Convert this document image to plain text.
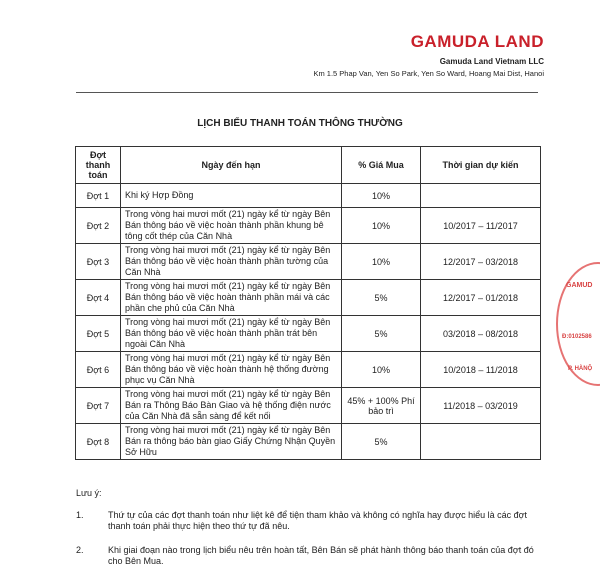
GAMUDA LAND
Gamuda Land Vietnam LLC
Km 1.5 Phap Van, Yen So Park, Yen So Ward, Hoang Mai Dist, Hanoi
LỊCH BIỂU THANH TOÁN THÔNG THƯỜNG
Đợt thanh toán	Ngày đến hạn	% Giá Mua	Thời gian dự kiến
Đợt 1	Khi ký Hợp Đồng	10%	
Đợt 2	Trong vòng hai mươi mốt (21) ngày kể từ ngày Bên Bán thông báo về việc hoàn thành phần khung bê tông cốt thép của Căn Nhà	10%	10/2017 – 11/2017
Đợt 3	Trong vòng hai mươi mốt (21) ngày kể từ ngày Bên Bán thông báo về việc hoàn thành phần tường của Căn Nhà	10%	12/2017 – 03/2018
Đợt 4	Trong vòng hai mươi mốt (21) ngày kể từ ngày Bên Bán thông báo về việc hoàn thành phần mái và các phần che phủ của Căn Nhà	5%	12/2017 – 01/2018
Đợt 5	Trong vòng hai mươi mốt (21) ngày kể từ ngày Bên Bán thông báo về việc hoàn thành phần trát bên ngoài Căn Nhà	5%	03/2018 – 08/2018
Đợt 6	Trong vòng hai mươi mốt (21) ngày kể từ ngày Bên Bán thông báo về việc hoàn thành hệ thống đường phục vụ Căn Nhà	10%	10/2018 – 11/2018
Đợt 7	Trong vòng hai mươi mốt (21) ngày kể từ ngày Bên Bán ra Thông Báo Bàn Giao và hệ thống điện nước của Căn Nhà đã sẵn sàng để kết nối	45% + 100% Phí bảo trì	11/2018 – 03/2019
Đợt 8	Trong vòng hai mươi mốt (21) ngày kể từ ngày Bên Bán ra thông báo bàn giao Giấy Chứng Nhận Quyền Sở Hữu	5%	
Lưu ý:
1.	Thứ tự của các đợt thanh toán như liệt kê để tiện tham khảo và không có nghĩa hay được hiểu là các đợt thanh toán phải thực hiện theo thứ tự đã nêu.
2.	Khi giai đoạn nào trong lịch biểu nêu trên hoàn tất, Bên Bán sẽ phát hành thông báo thanh toán của đợt đó cho Bên Mua.
GAMUD
Đ:0102586
P. HÀNỘ
